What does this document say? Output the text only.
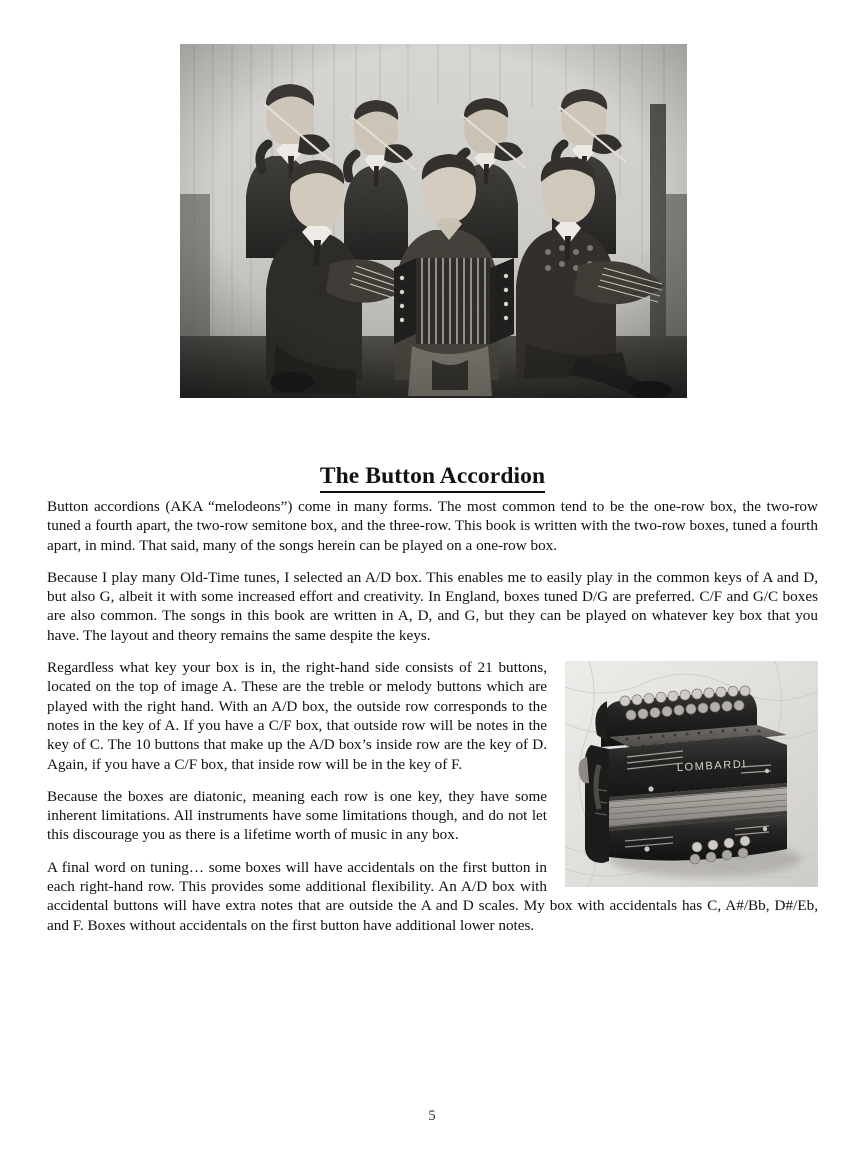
The Button Accordion

Button accordions (AKA “melodeons”) come in many forms. The most common tend to be the one-row box, the two-row tuned a fourth apart, the two-row semitone box, and the three-row. This book is written with the two-row boxes, tuned a fourth apart, in mind. That said, many of the songs herein can be played on a one-row box.

Because I play many Old-Time tunes, I selected an A/D box. This enables me to easily play in the common keys of A and D, but also G, albeit it with some increased effort and creativity. In England, boxes tuned D/G are preferred. C/F and G/C boxes are also common. The songs in this book are written in A, D, and G, but they can be played on whatever key box that you have. The layout and theory remains the same despite the keys.

Regardless what key your box is in, the right-hand side consists of 21 buttons, located on the top of image A. These are the treble or melody buttons which are played with the right hand. With an A/D box, the outside row corresponds to the notes in the key of A. If you have a C/F box, that outside row will be notes in the key of C. The 10 buttons that make up the A/D box’s inside row are the key of D. Again, if you have a C/F box, that inside row will be in the key of F.

Because the boxes are diatonic, meaning each row is one key, they have some inherent limitations. All instruments have some limitations though, and do not let this discourage you as there is a lifetime worth of music in any box.

A final word on tuning… some boxes will have accidentals on the first button in each right-hand row. This provides some additional flexibility. An A/D box with accidental buttons will have extra notes that are outside the A and D scales. My box with accidentals has C, A#/Bb, D#/Eb, and F. Boxes without accidentals on the first button have additional lower notes.

5
